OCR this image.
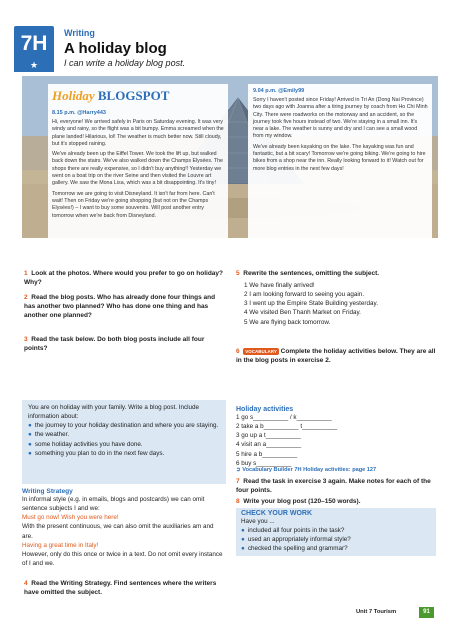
7H
★
Writing
A holiday blog
I can write a holiday blog post.
Holiday BLOGSPOT
8.15 p.m. @Harry443

Hi, everyone! We arrived safely in Paris on Saturday evening. It was very windy and rainy, so the flight was a bit bumpy. Emma screamed when the plane landed! Hilarious, lol! The weather is much better now. Still cloudy, but it's stopped raining.

We've already been up the Eiffel Tower. We took the lift up, but walked back down the stairs. We've also walked down the Champs Elysées. The shops there are really expensive, so I didn't buy anything!! Yesterday we went on a boat trip on the river Seine and then visited the Louvre art gallery. We saw the Mona Lisa, which was a bit disappointing. It's tiny!

Tomorrow we are going to visit Disneyland. It isn't far from here. Can't wait! Then on Friday we're going shopping (but not on the Champs Elysées!) – I want to buy some souvenirs. Will post another entry tomorrow when we're back from Disneyland.

9.04 p.m. @Emily99

Sorry I haven't posted since Friday! Arrived in Tri An (Dong Nai Province) two days ago with Joanna after a tiring journey by coach from Ho Chi Minh City. There were roadworks on the motorway and an accident, so the journey took five hours instead of two. We're staying in a small inn. It's near a lake. The weather is sunny and dry and I can see a small wood from my window.

We've already been kayaking on the lake. The kayaking was fun and fantastic, but a bit scary! Tomorrow we're going biking. We're going to hire bikes from a shop near the inn. Really looking forward to it! Watch out for more blog entries in the next few days!

1 Look at the photos. Where would you prefer to go on holiday? Why?
2 Read the blog posts. Who has already done four things and has another two planned? Who has done one thing and has another one planned?
3 Read the task below. Do both blog posts include all four points?
You are on holiday with your family. Write a blog post. Include information about:
● the journey to your holiday destination and where you are staying.
● the weather.
● some holiday activities you have done.
● something you plan to do in the next few days.
Writing Strategy
In informal style (e.g. in emails, blogs and postcards) we can omit sentence subjects I and we:
Must go now! Wish you were here!
With the present continuous, we can also omit the auxiliaries am and are.
Having a great time in Italy!
However, only do this once or twice in a text. Do not omit every instance of I and we.
4 Read the Writing Strategy. Find sentences where the writers have omitted the subject.
5 Rewrite the sentences, omitting the subject.
1 We have finally arrived!
2 I am looking forward to seeing you again.
3 I went up the Empire State Building yesterday.
4 We visited Ben Thanh Market on Friday.
5 We are flying back tomorrow.
6 VOCABULARY Complete the holiday activities below. They are all in the blog posts in exercise 2.
Holiday activities
1 go s__________ / k__________
2 take a b__________ t__________
3 go up a t__________
4 visit an a__________
5 hire a b__________
6 buy s__________
➲ Vocabulary Builder 7H Holiday activities: page 127
7 Read the task in exercise 3 again. Make notes for each of the four points.
8 Write your blog post (120–150 words).
CHECK YOUR WORK
Have you ...
● included all four points in the task?
● used an appropriately informal style?
● checked the spelling and grammar?
Unit 7 Tourism	91
